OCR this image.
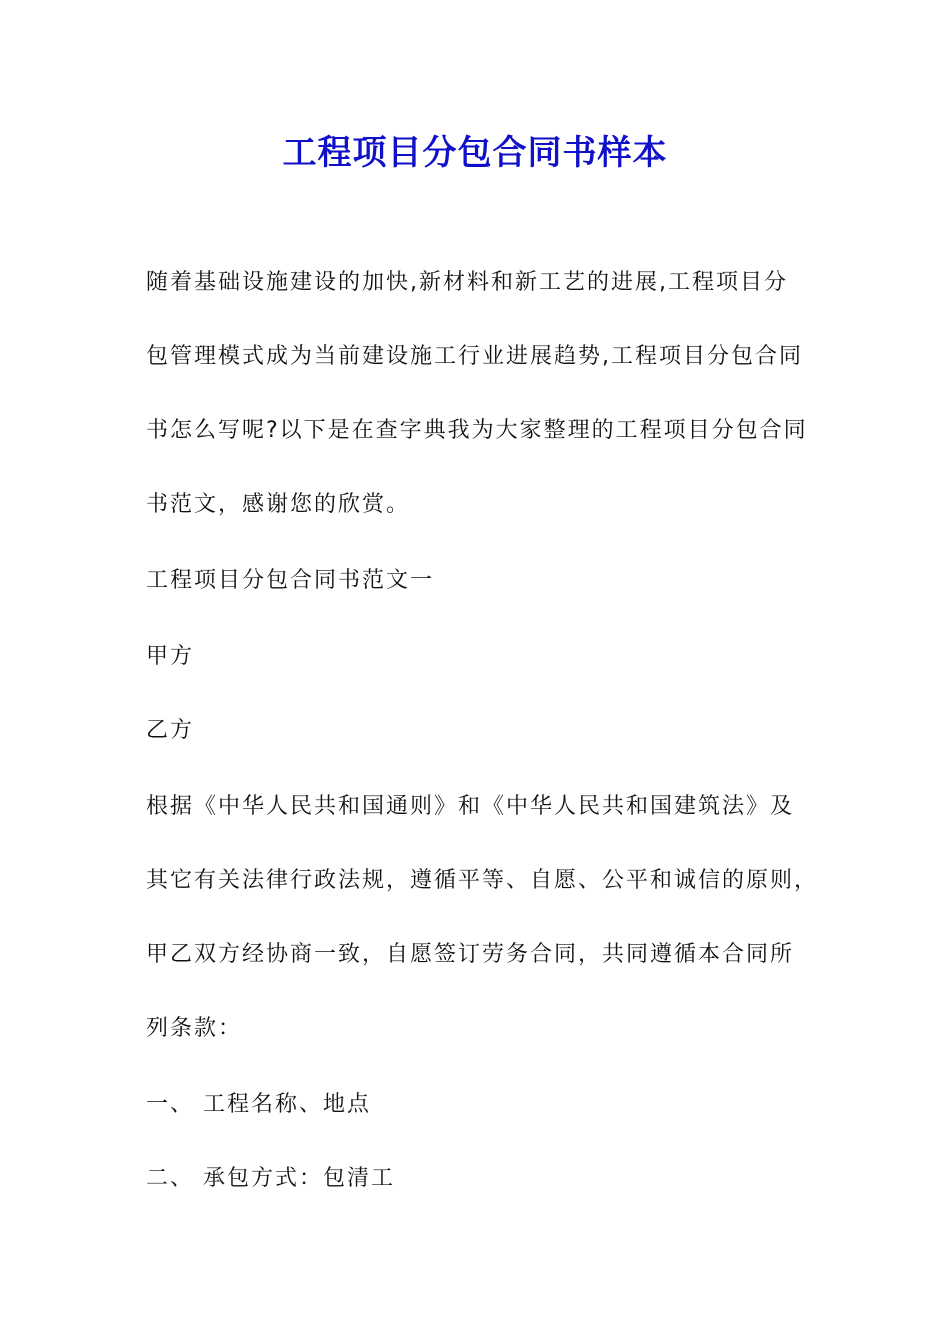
工程项目分包合同书样本
随着基础设施建设的加快,新材料和新工艺的进展,工程项目分
包管理模式成为当前建设施工行业进展趋势,工程项目分包合同
书怎么写呢?以下是在查字典我为大家整理的工程项目分包合同
书范文，感谢您的欣赏。
工程项目分包合同书范文一
甲方
乙方
根据《中华人民共和国通则》和《中华人民共和国建筑法》及
其它有关法律行政法规，遵循平等、自愿、公平和诚信的原则，
甲乙双方经协商一致，自愿签订劳务合同，共同遵循本合同所
列条款：
一、 工程名称、地点
二、 承包方式：包清工
